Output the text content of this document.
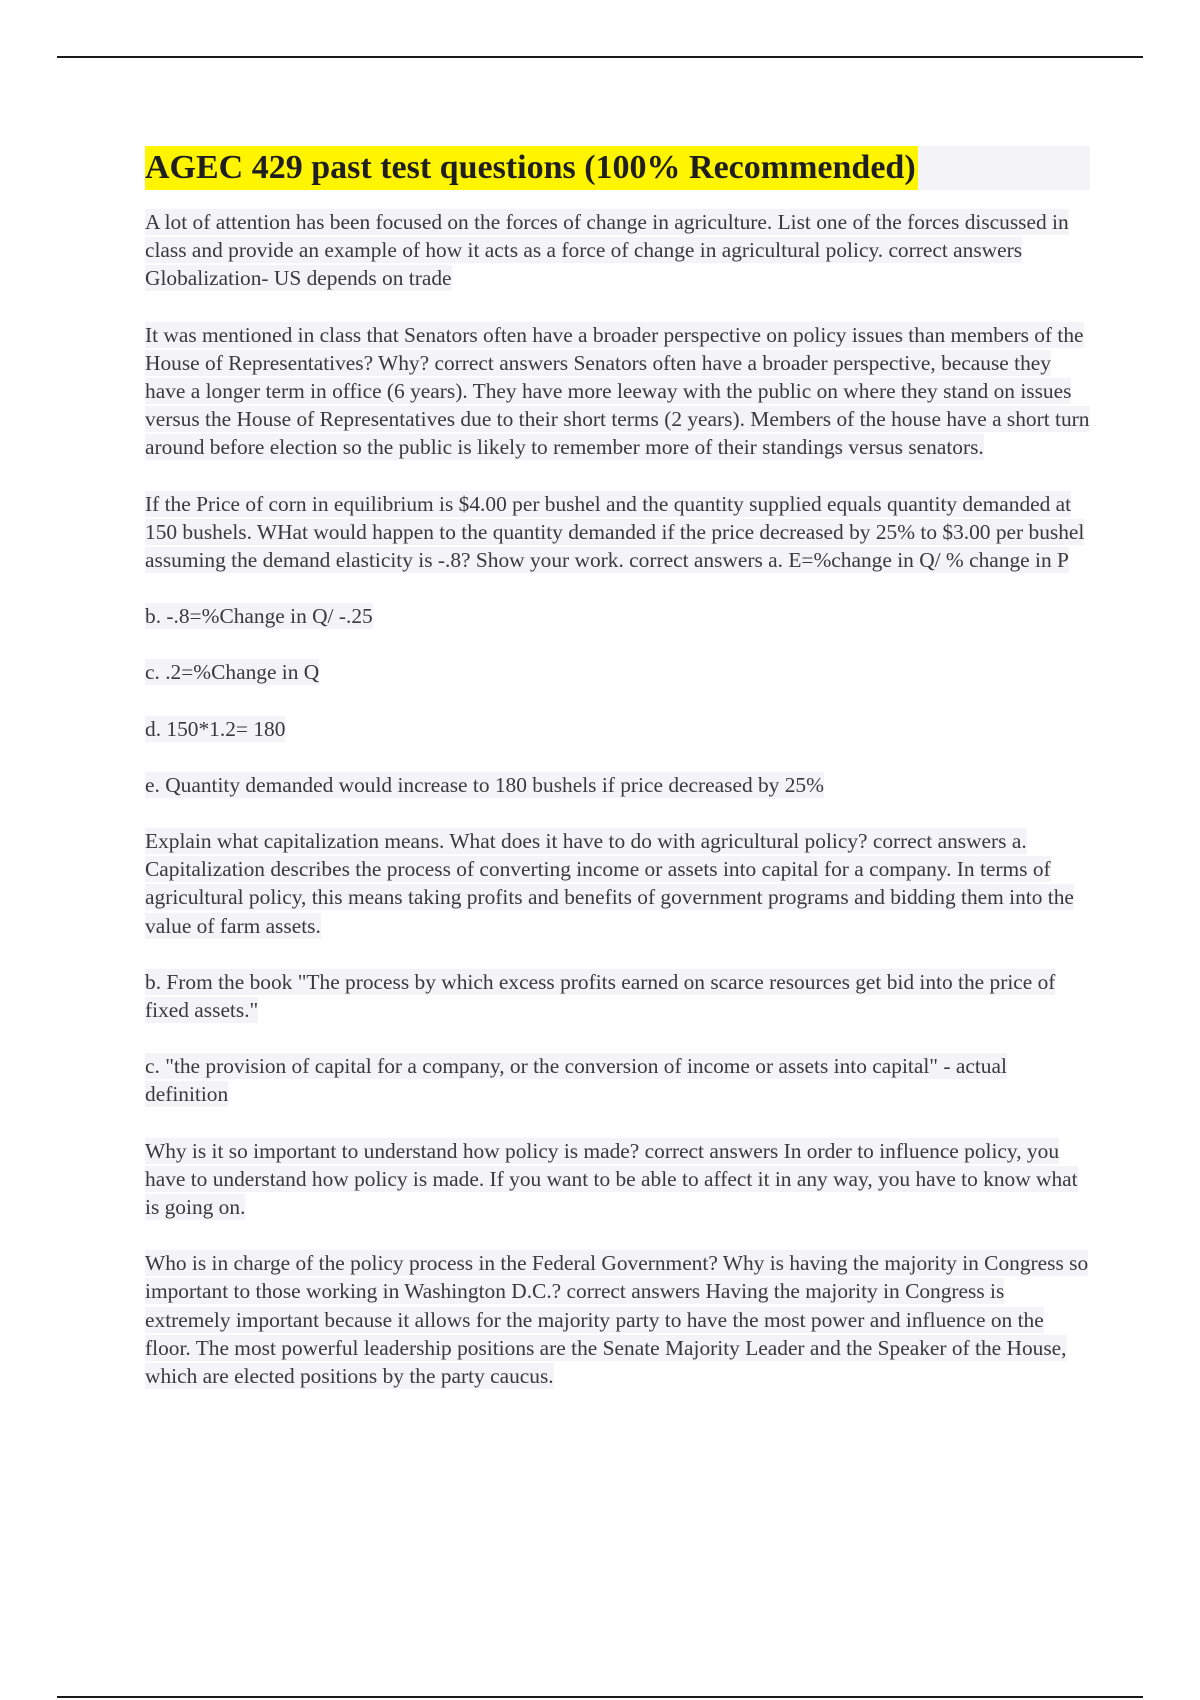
AGEC 429 past test questions (100% Recommended)

A lot of attention has been focused on the forces of change in agriculture. List one of the forces discussed in class and provide an example of how it acts as a force of change in agricultural policy. correct answers Globalization- US depends on trade

It was mentioned in class that Senators often have a broader perspective on policy issues than members of the House of Representatives? Why? correct answers Senators often have a broader perspective, because they have a longer term in office (6 years). They have more leeway with the public on where they stand on issues versus the House of Representatives due to their short terms (2 years). Members of the house have a short turn around before election so the public is likely to remember more of their standings versus senators.

If the Price of corn in equilibrium is $4.00 per bushel and the quantity supplied equals quantity demanded at 150 bushels. WHat would happen to the quantity demanded if the price decreased by 25% to $3.00 per bushel assuming the demand elasticity is -.8? Show your work. correct answers a. E=%change in Q/ % change in P

b. -.8=%Change in Q/ -.25

c. .2=%Change in Q

d. 150*1.2= 180

e. Quantity demanded would increase to 180 bushels if price decreased by 25%

Explain what capitalization means. What does it have to do with agricultural policy? correct answers a. Capitalization describes the process of converting income or assets into capital for a company. In terms of agricultural policy, this means taking profits and benefits of government programs and bidding them into the value of farm assets.

b. From the book "The process by which excess profits earned on scarce resources get bid into the price of fixed assets."

c. "the provision of capital for a company, or the conversion of income or assets into capital" - actual definition

Why is it so important to understand how policy is made? correct answers In order to influence policy, you have to understand how policy is made. If you want to be able to affect it in any way, you have to know what is going on.

Who is in charge of the policy process in the Federal Government? Why is having the majority in Congress so important to those working in Washington D.C.? correct answers Having the majority in Congress is extremely important because it allows for the majority party to have the most power and influence on the floor. The most powerful leadership positions are the Senate Majority Leader and the Speaker of the House, which are elected positions by the party caucus.
